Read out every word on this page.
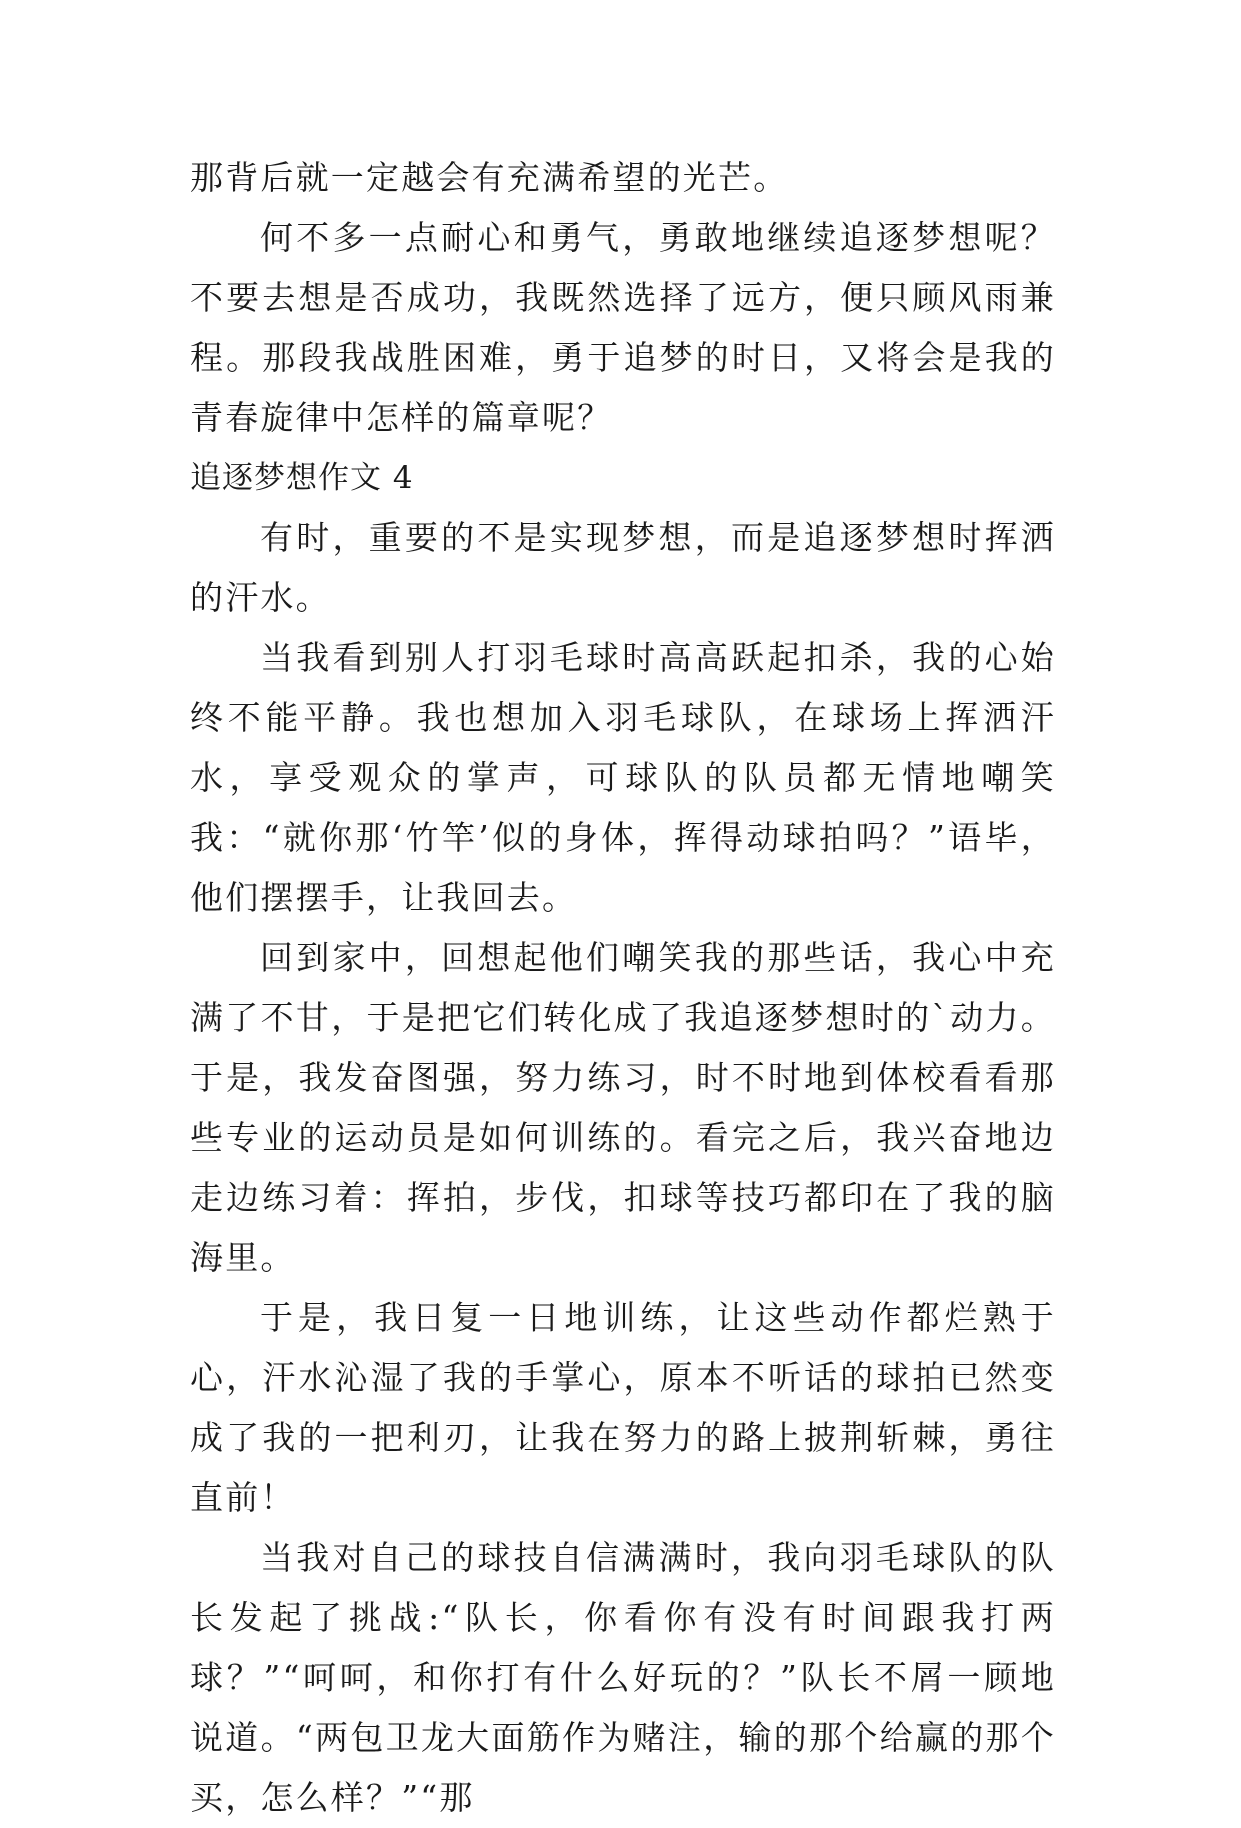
那背后就一定越会有充满希望的光芒。

何不多一点耐心和勇气，勇敢地继续追逐梦想呢？不要去想是否成功，我既然选择了远方，便只顾风雨兼程。那段我战胜困难，勇于追梦的时日，又将会是我的青春旋律中怎样的篇章呢？

追逐梦想作文 4

有时，重要的不是实现梦想，而是追逐梦想时挥洒的汗水。

当我看到别人打羽毛球时高高跃起扣杀，我的心始终不能平静。我也想加入羽毛球队，在球场上挥洒汗水，享受观众的掌声，可球队的队员都无情地嘲笑我：“就你那‘竹竿’似的身体，挥得动球拍吗？”语毕，他们摆摆手，让我回去。

回到家中，回想起他们嘲笑我的那些话，我心中充满了不甘，于是把它们转化成了我追逐梦想时的`动力。于是，我发奋图强，努力练习，时不时地到体校看看那些专业的运动员是如何训练的。看完之后，我兴奋地边走边练习着：挥拍，步伐，扣球等技巧都印在了我的脑海里。

于是，我日复一日地训练，让这些动作都烂熟于心，汗水沁湿了我的手掌心，原本不听话的球拍已然变成了我的一把利刃，让我在努力的路上披荆斩棘，勇往直前！

当我对自己的球技自信满满时，我向羽毛球队的队长发起了挑战:“队长，你看你有没有时间跟我打两球？”“呵呵，和你打有什么好玩的？”队长不屑一顾地说道。“两包卫龙大面筋作为赌注，输的那个给赢的那个买，怎么样？”“那
